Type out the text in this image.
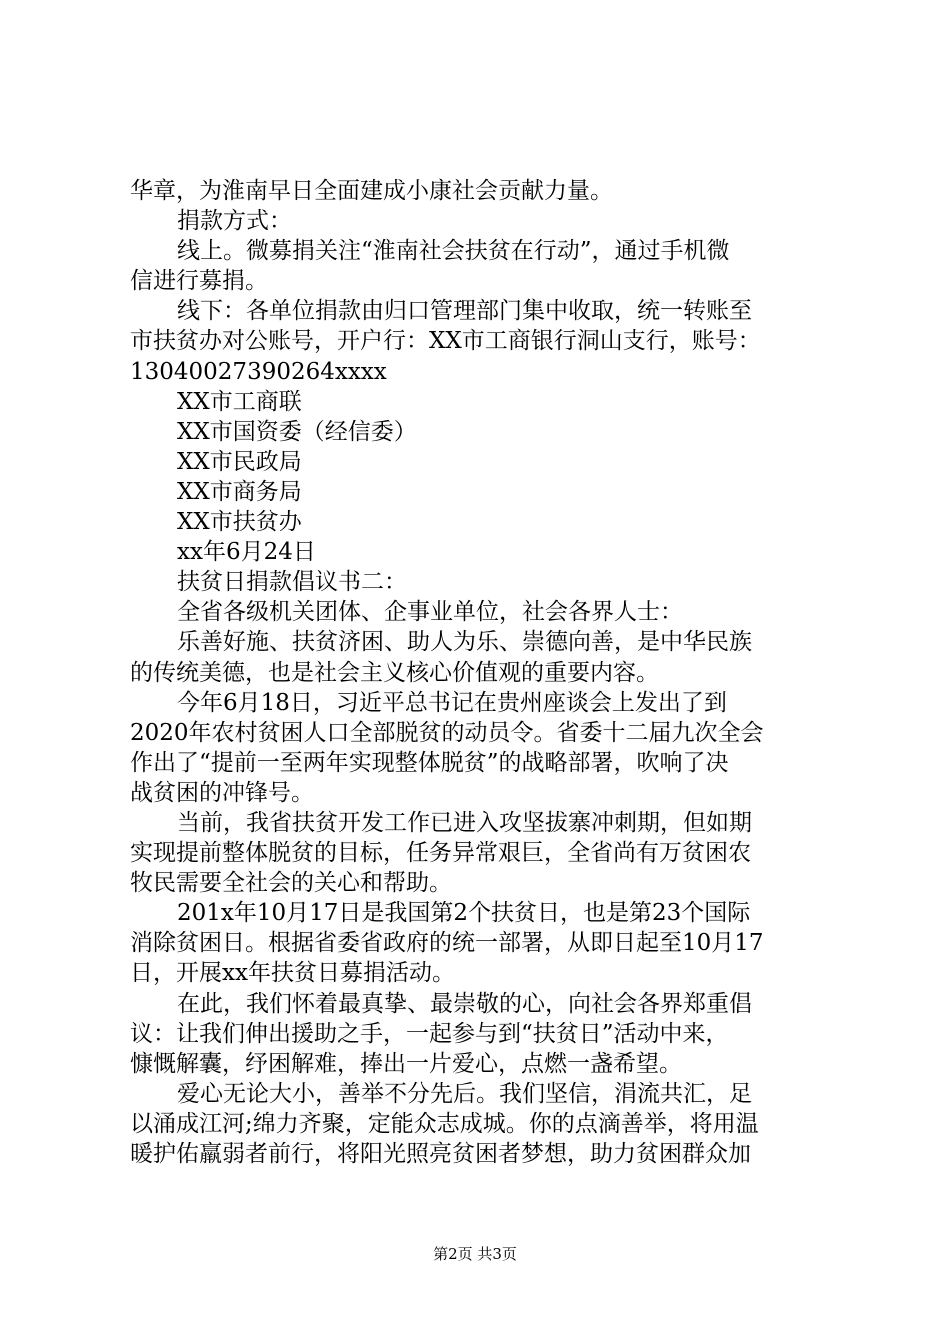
华章，为淮南早日全面建成小康社会贡献力量。
捐款方式：
线上。微募捐关注“淮南社会扶贫在行动”，通过手机微
信进行募捐。
线下：各单位捐款由归口管理部门集中收取，统一转账至
市扶贫办对公账号，开户行：XX市工商银行洞山支行，账号：
13040027390264xxxx
XX市工商联
XX市国资委（经信委）
XX市民政局
XX市商务局
XX市扶贫办
xx年6月24日
扶贫日捐款倡议书二：
全省各级机关团体、企事业单位，社会各界人士：
乐善好施、扶贫济困、助人为乐、崇德向善，是中华民族
的传统美德，也是社会主义核心价值观的重要内容。
今年6月18日，习近平总书记在贵州座谈会上发出了到
2020年农村贫困人口全部脱贫的动员令。省委十二届九次全会
作出了“提前一至两年实现整体脱贫”的战略部署，吹响了决
战贫困的冲锋号。
当前，我省扶贫开发工作已进入攻坚拔寨冲刺期，但如期
实现提前整体脱贫的目标，任务异常艰巨，全省尚有万贫困农
牧民需要全社会的关心和帮助。
201x年10月17日是我国第2个扶贫日，也是第23个国际
消除贫困日。根据省委省政府的统一部署，从即日起至10月17
日，开展xx年扶贫日募捐活动。
在此，我们怀着最真挚、最崇敬的心，向社会各界郑重倡
议：让我们伸出援助之手，一起参与到“扶贫日”活动中来，
慷慨解囊，纾困解难，捧出一片爱心，点燃一盏希望。
爱心无论大小，善举不分先后。我们坚信，涓流共汇，足
以涌成江河;绵力齐聚，定能众志成城。你的点滴善举，将用温
暖护佑羸弱者前行，将阳光照亮贫困者梦想，助力贫困群众加
第2页 共3页
